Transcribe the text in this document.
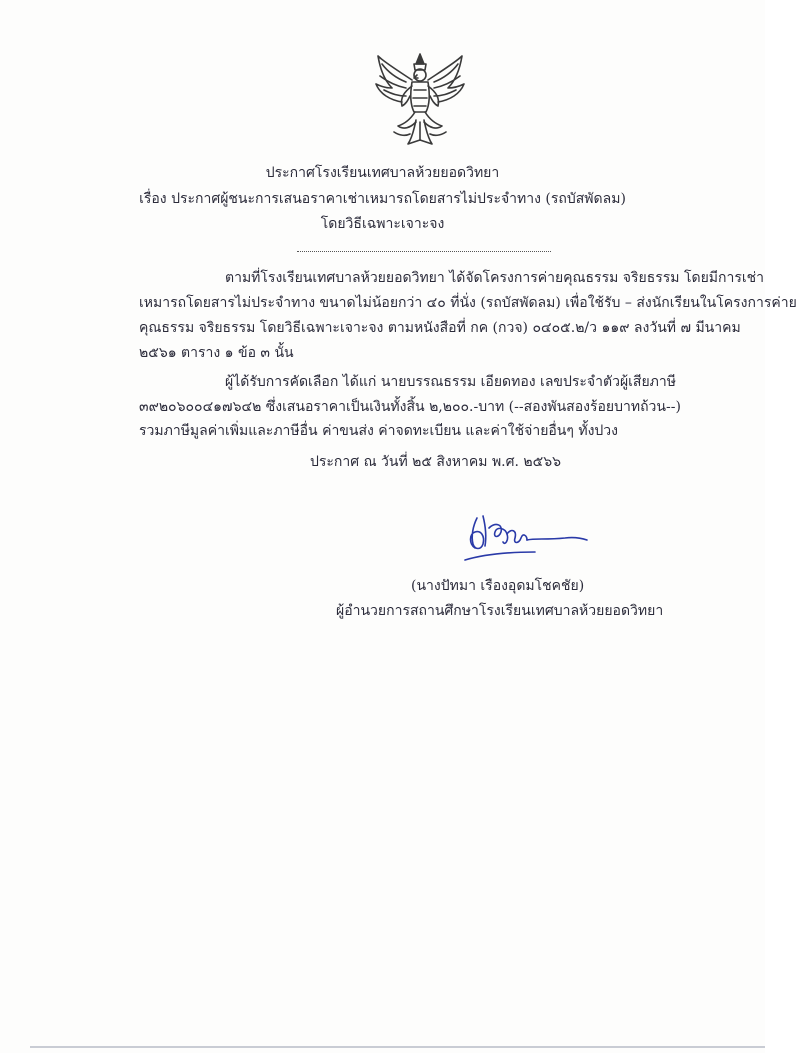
ประกาศโรงเรียนเทศบาลห้วยยอดวิทยา
เรื่อง ประกาศผู้ชนะการเสนอราคาเช่าเหมารถโดยสารไม่ประจำทาง (รถบัสพัดลม)
โดยวิธีเฉพาะเจาะจง
ตามที่โรงเรียนเทศบาลห้วยยอดวิทยา ได้จัดโครงการค่ายคุณธรรม จริยธรรม โดยมีการเช่า
เหมารถโดยสารไม่ประจำทาง ขนาดไม่น้อยกว่า ๔๐ ที่นั่ง (รถบัสพัดลม) เพื่อใช้รับ – ส่งนักเรียนในโครงการค่าย
คุณธรรม จริยธรรม โดยวิธีเฉพาะเจาะจง ตามหนังสือที่ กค (กวจ) ๐๔๐๕.๒/ว ๑๑๙ ลงวันที่ ๗ มีนาคม
๒๕๖๑ ตาราง ๑ ข้อ ๓ นั้น
ผู้ได้รับการคัดเลือก ได้แก่ นายบรรณธรรม เอียดทอง เลขประจำตัวผู้เสียภาษี
๓๙๒๐๖๐๐๔๑๗๖๔๒ ซึ่งเสนอราคาเป็นเงินทั้งสิ้น ๒,๒๐๐.-บาท (--สองพันสองร้อยบาทถ้วน--)
รวมภาษีมูลค่าเพิ่มและภาษีอื่น ค่าขนส่ง ค่าจดทะเบียน และค่าใช้จ่ายอื่นๆ ทั้งปวง
ประกาศ ณ วันที่ ๒๕ สิงหาคม พ.ศ. ๒๕๖๖
(นางปัทมา เรืองอุดมโชคชัย)
ผู้อำนวยการสถานศึกษาโรงเรียนเทศบาลห้วยยอดวิทยา
